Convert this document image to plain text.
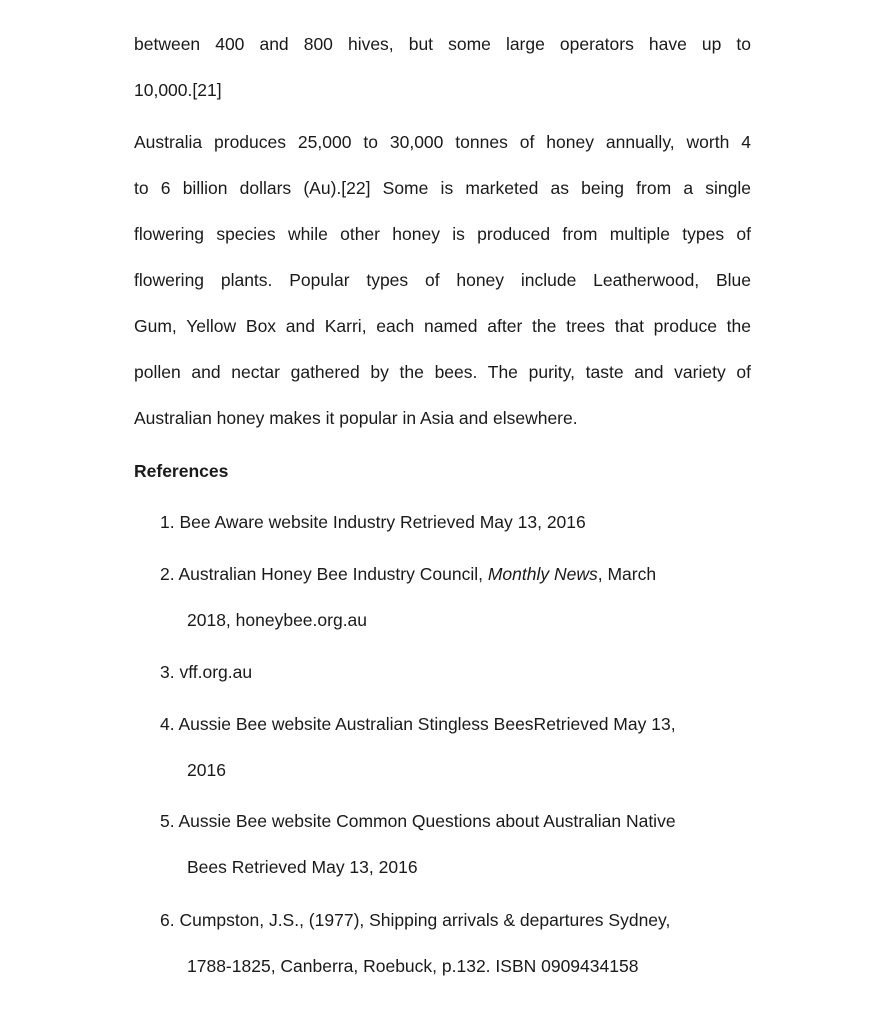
between 400 and 800 hives, but some large operators have up to
10,000.[21]
Australia produces 25,000 to 30,000 tonnes of honey annually, worth 4
to 6 billion dollars (Au).[22] Some is marketed as being from a single
flowering species while other honey is produced from multiple types of
flowering plants. Popular types of honey include Leatherwood, Blue
Gum, Yellow Box and Karri, each named after the trees that produce the
pollen and nectar gathered by the bees. The purity, taste and variety of
Australian honey makes it popular in Asia and elsewhere.
References
1. Bee Aware website Industry Retrieved May 13, 2016
2. Australian Honey Bee Industry Council, Monthly News, March
2018, honeybee.org.au
3. vff.org.au
4. Aussie Bee website Australian Stingless BeesRetrieved May 13,
2016
5. Aussie Bee website Common Questions about Australian Native
Bees Retrieved May 13, 2016
6. Cumpston, J.S., (1977), Shipping arrivals & departures Sydney,
1788-1825, Canberra, Roebuck, p.132. ISBN 0909434158
